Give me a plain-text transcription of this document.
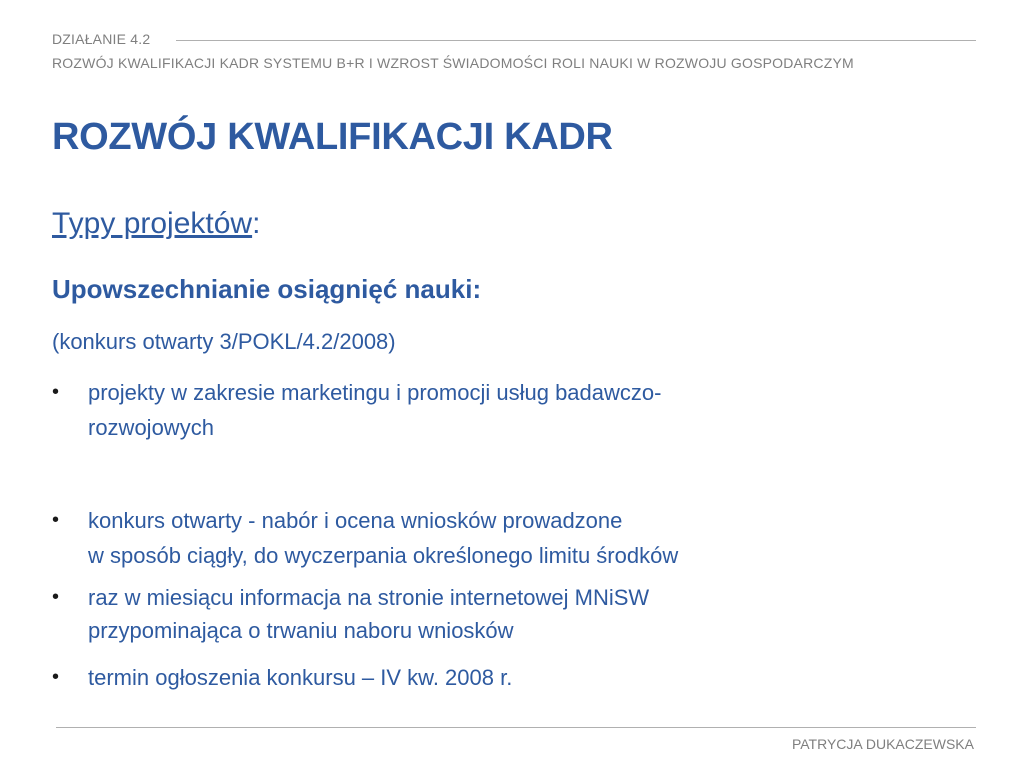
DZIAŁANIE 4.2
ROZWÓJ KWALIFIKACJI KADR SYSTEMU B+R I WZROST ŚWIADOMOŚCI ROLI NAUKI W ROZWOJU GOSPODARCZYM
ROZWÓJ KWALIFIKACJI KADR
Typy projektów:
Upowszechnianie osiągnięć nauki:
(konkurs otwarty 3/POKL/4.2/2008)
•	projekty w zakresie marketingu i promocji usług badawczo-
rozwojowych
•	konkurs otwarty - nabór i ocena wniosków prowadzone
w sposób ciągły, do wyczerpania określonego limitu środków
•	raz w miesiącu informacja na stronie internetowej MNiSW
przypominająca o trwaniu naboru wniosków
•	termin ogłoszenia konkursu – IV kw. 2008 r.
PATRYCJA DUKACZEWSKA
